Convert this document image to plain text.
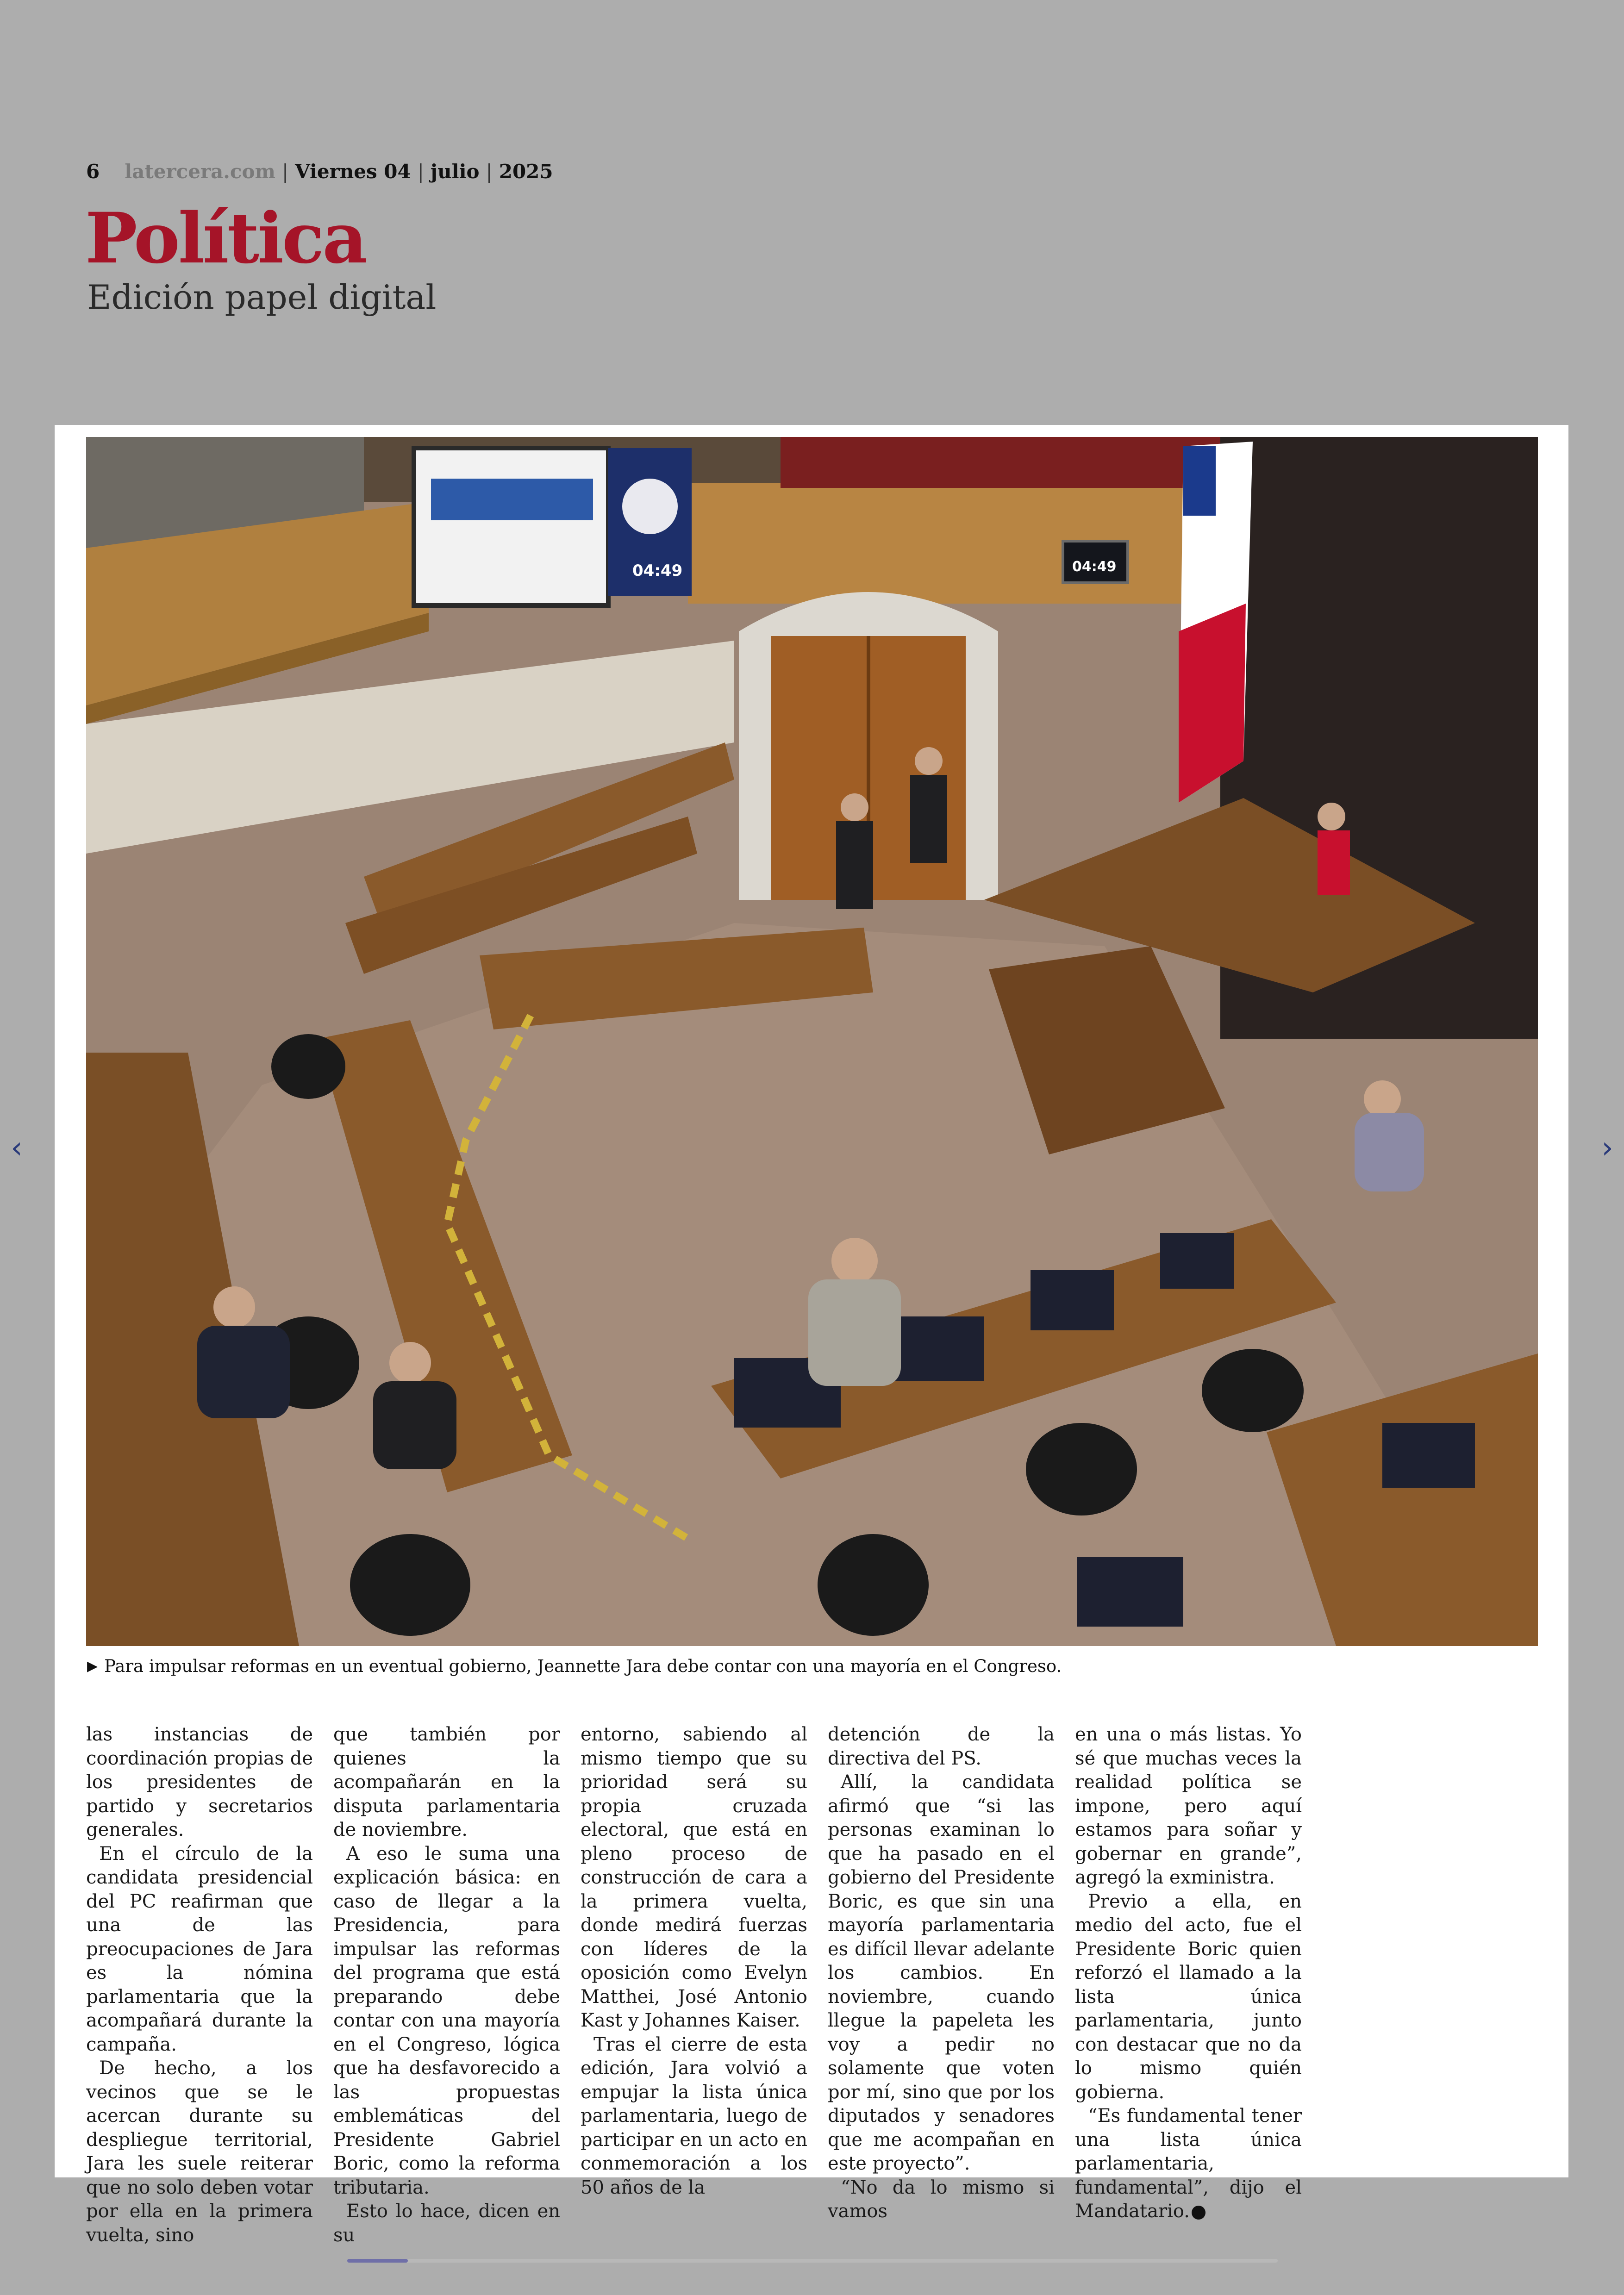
6 latercera.com | Viernes 04 | julio | 2025
Política
Edición papel digital
04:49	04:49
▶ Para impulsar reformas en un eventual gobierno, Jeannette Jara debe contar con una mayoría en el Congreso.

las instancias de coordinación propias de los presidentes de partido y secretarios generales.

En el círculo de la candidata presidencial del PC reafirman que una de las preocupaciones de Jara es la nómina parlamentaria que la acompañará durante la campaña.

De hecho, a los vecinos que se le acercan durante su despliegue territorial, Jara les suele reiterar que no solo deben votar por ella en la primera vuelta, sino

que también por quienes la acompañarán en la disputa parlamentaria de noviembre.

A eso le suma una explicación básica: en caso de llegar a la Presidencia, para impulsar las reformas del programa que está preparando debe contar con una mayoría en el Congreso, lógica que ha desfavorecido a las propuestas emblemáticas del Presidente Gabriel Boric, como la reforma tributaria.

Esto lo hace, dicen en su

entorno, sabiendo al mismo tiempo que su prioridad será su propia cruzada electoral, que está en pleno proceso de construcción de cara a la primera vuelta, donde medirá fuerzas con líderes de la oposición como Evelyn Matthei, José Antonio Kast y Johannes Kaiser.

Tras el cierre de esta edición, Jara volvió a empujar la lista única parlamentaria, luego de participar en un acto en conmemoración a los 50 años de la

detención de la directiva del PS.

Allí, la candidata afirmó que “si las personas examinan lo que ha pasado en el gobierno del Presidente Boric, es que sin una mayoría parlamentaria es difícil llevar adelante los cambios. En noviembre, cuando llegue la papeleta les voy a pedir no solamente que voten por mí, sino que por los diputados y senadores que me acompañan en este proyecto”.

“No da lo mismo si vamos

en una o más listas. Yo sé que muchas veces la realidad política se impone, pero aquí estamos para soñar y gobernar en grande”, agregó la exministra.

Previo a ella, en medio del acto, fue el Presidente Boric quien reforzó el llamado a la lista única parlamentaria, junto con destacar que no da lo mismo quién gobierna.

“Es fundamental tener una lista única parlamentaria, fundamental”, dijo el Mandatario.

‹	›
